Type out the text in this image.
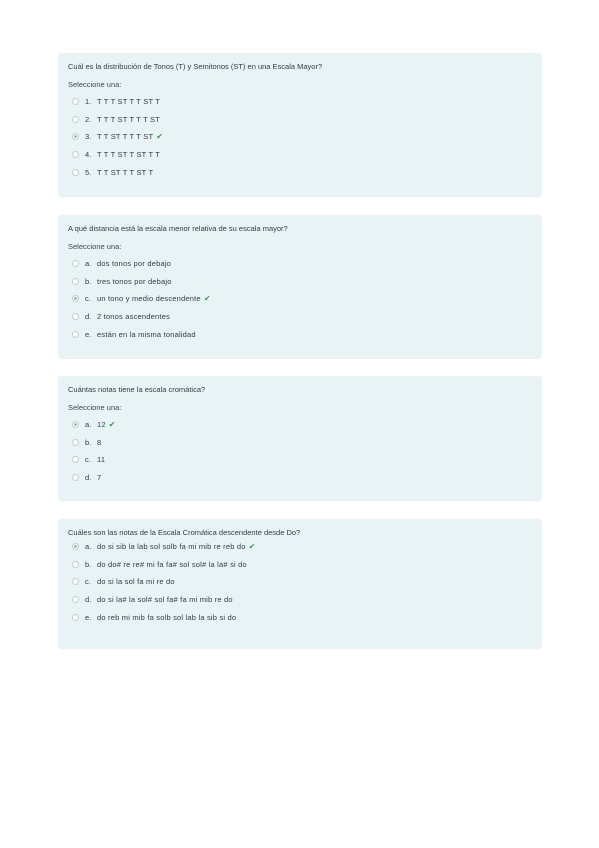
Cuál es la distribución de Tonos (T) y Semitonos (ST) en una Escala Mayor?
Seleccione una:
1. T T T ST T T ST T
2. T T T ST T T T ST
3. T T ST T T T ST ✔
4. T T T ST T ST T T
5. T T ST T T ST T
A qué distancia está la escala menor relativa de su escala mayor?
Seleccione una:
a. dos tonos por debajo
b. tres tonos por debajo
c. un tono y medio descendente ✔
d. 2 tonos ascendentes
e. están en la misma tonalidad
Cuántas notas tiene la escala cromática?
Seleccione una:
a. 12 ✔
b. 8
c. 11
d. 7
Cuáles son las notas de la Escala Cromática descendente desde Do?
a. do si sib la lab sol solb fa mi mib re reb do ✔
b. do do# re re# mi fa fa# sol sol# la la# si do
c. do si la sol fa mi re do
d. do si la# la sol# sol fa# fa mi mib re do
e. do reb mi mib fa solb sol lab la sib si do
